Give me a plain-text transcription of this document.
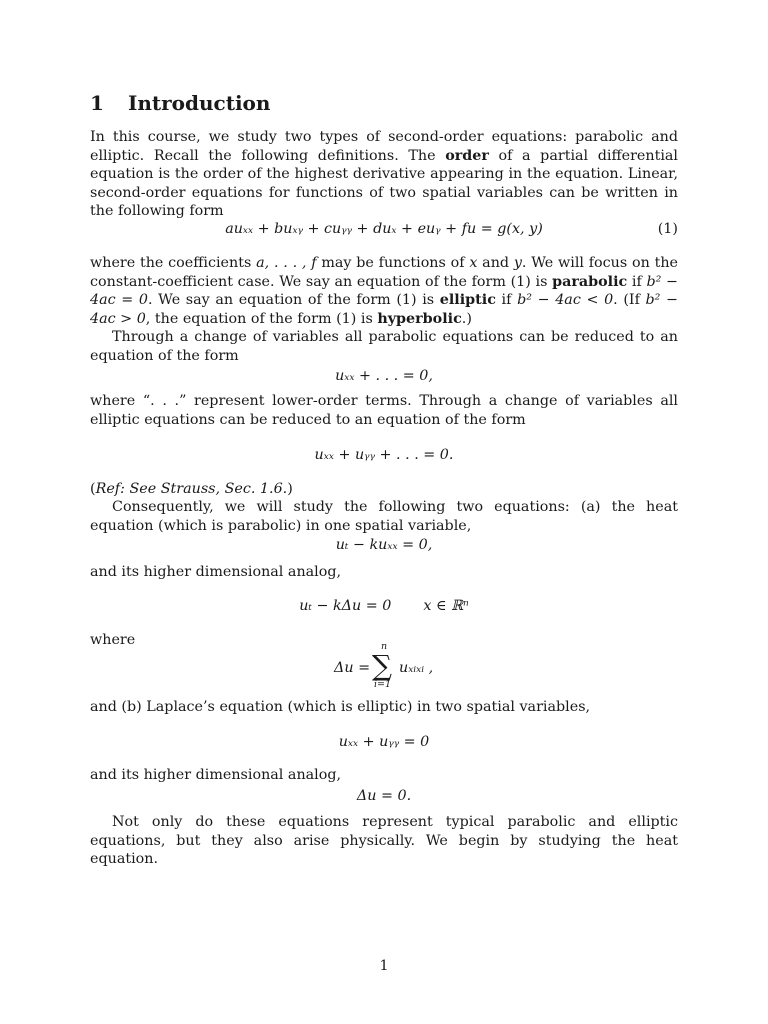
1 Introduction

In this course, we study two types of second-order equations: parabolic and elliptic. Recall the following definitions. The order of a partial differential equation is the order of the highest derivative appearing in the equation. Linear, second-order equations for functions of two spatial variables can be written in the following form

auₓₓ + buₓᵧ + cuᵧᵧ + duₓ + euᵧ + fu = g(x, y)	(1)

where the coefficients a, . . . , f may be functions of x and y. We will focus on the constant-coefficient case. We say an equation of the form (1) is parabolic if b² − 4ac = 0. We say an equation of the form (1) is elliptic if b² − 4ac < 0. (If b² − 4ac > 0, the equation of the form (1) is hyperbolic.)

Through a change of variables all parabolic equations can be reduced to an equation of the form

uₓₓ + . . . = 0,

where “. . .” represent lower-order terms. Through a change of variables all elliptic equations can be reduced to an equation of the form

uₓₓ + uᵧᵧ + . . . = 0.

(Ref: See Strauss, Sec. 1.6.)

Consequently, we will study the following two equations: (a) the heat equation (which is parabolic) in one spatial variable,

uₜ − kuₓₓ = 0,

and its higher dimensional analog,

uₜ − kΔu = 0 x ∈ ℝⁿ

where

Δu =
n
∑
i=1
uₓᵢₓᵢ ,

and (b) Laplace’s equation (which is elliptic) in two spatial variables,

uₓₓ + uᵧᵧ = 0

and its higher dimensional analog,

Δu = 0.

Not only do these equations represent typical parabolic and elliptic equations, but they also arise physically. We begin by studying the heat equation.

1
